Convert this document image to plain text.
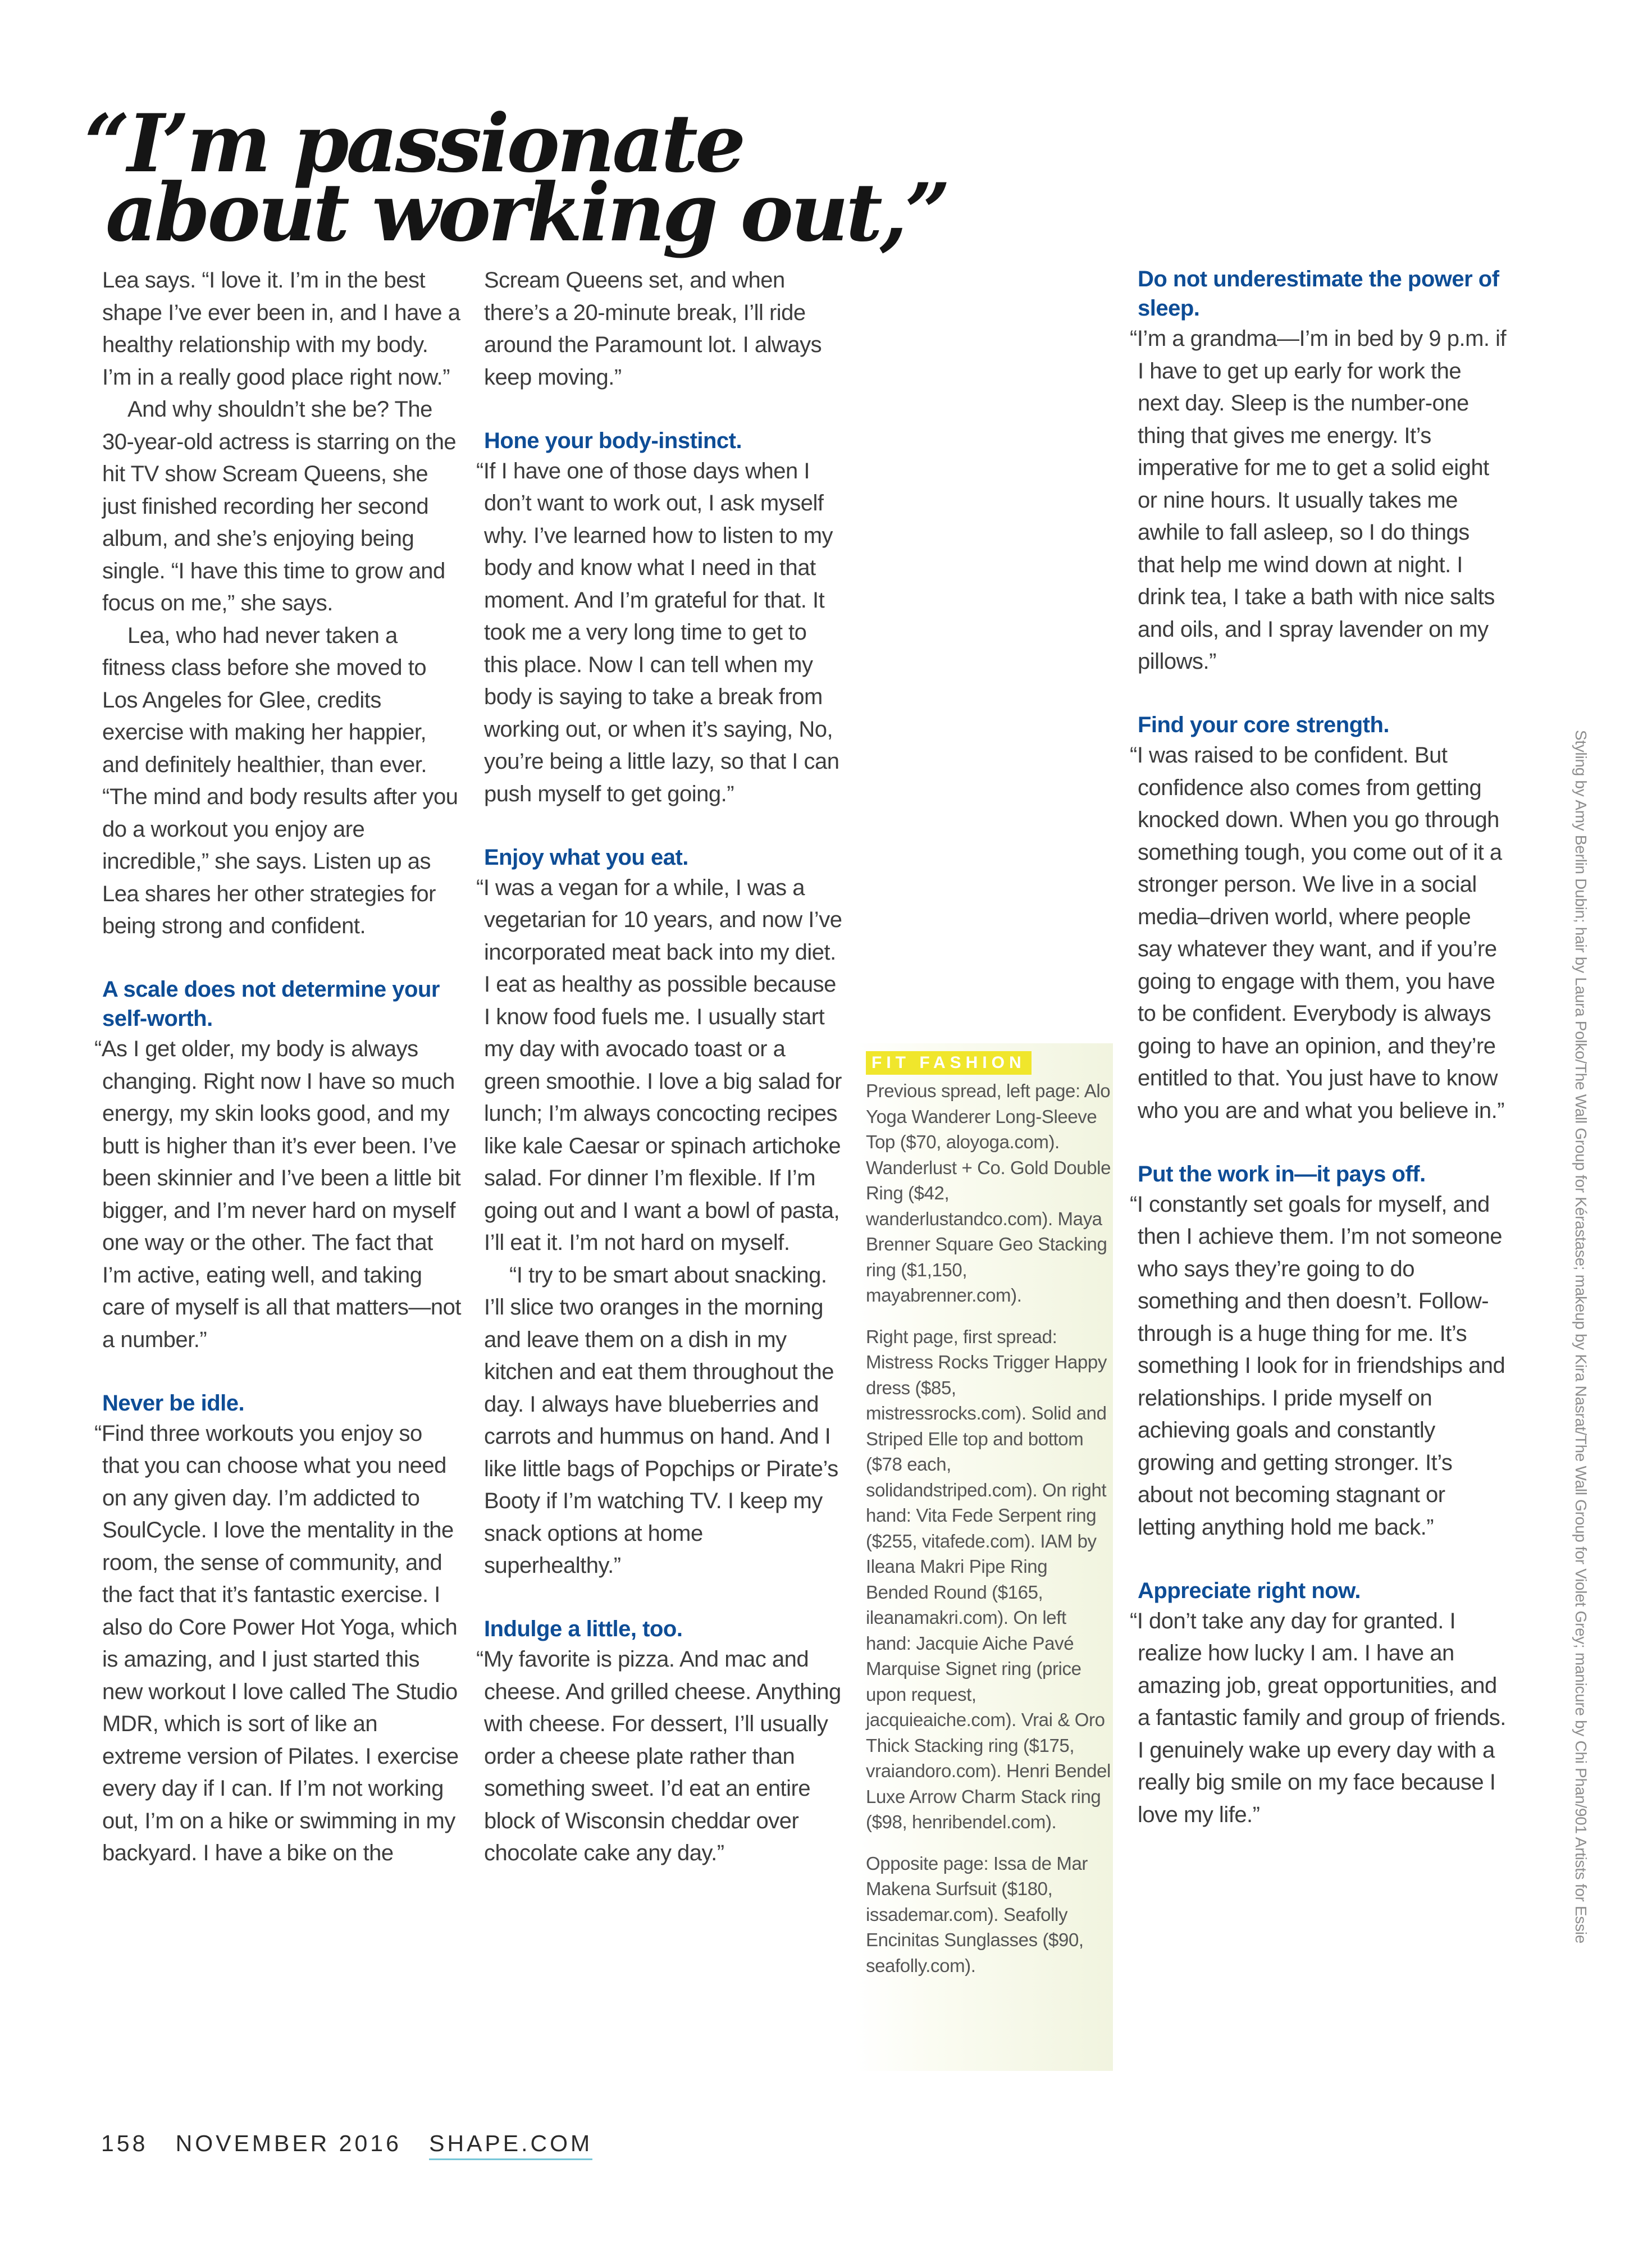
“I’m passionate
about working out,”

Lea says. “I love it. I’m in the best shape I’ve ever been in, and I have a healthy relationship with my body. I’m in a really good place right now.”

And why shouldn’t she be? The 30-year-old actress is starring on the hit TV show Scream Queens, she just finished recording her second album, and she’s enjoying being single. “I have this time to grow and focus on me,” she says.

Lea, who had never taken a fitness class before she moved to Los Angeles for Glee, credits exercise with making her happier, and definitely healthier, than ever. “The mind and body results after you do a workout you enjoy are incredible,” she says. Listen up as Lea shares her other strategies for being strong and confident.

A scale does not determine your self-worth.

“As I get older, my body is always changing. Right now I have so much energy, my skin looks good, and my butt is higher than it’s ever been. I’ve been skinnier and I’ve been a little bit bigger, and I’m never hard on myself one way or the other. The fact that I’m active, eating well, and taking care of myself is all that matters—not a number.”

Never be idle.

“Find three workouts you enjoy so that you can choose what you need on any given day. I’m addicted to SoulCycle. I love the mentality in the room, the sense of community, and the fact that it’s fantastic exercise. I also do Core Power Hot Yoga, which is amazing, and I just started this new workout I love called The Studio MDR, which is sort of like an extreme version of Pilates. I exercise every day if I can. If I’m not working out, I’m on a hike or swimming in my backyard. I have a bike on the

Scream Queens set, and when there’s a 20-minute break, I’ll ride around the Paramount lot. I always keep moving.”

Hone your body-instinct.

“If I have one of those days when I don’t want to work out, I ask myself why. I’ve learned how to listen to my body and know what I need in that moment. And I’m grateful for that. It took me a very long time to get to this place. Now I can tell when my body is saying to take a break from working out, or when it’s saying, No, you’re being a little lazy, so that I can push myself to get going.”

Enjoy what you eat.

“I was a vegan for a while, I was a vegetarian for 10 years, and now I’ve incorporated meat back into my diet. I eat as healthy as possible because I know food fuels me. I usually start my day with avocado toast or a green smoothie. I love a big salad for lunch; I’m always concocting recipes like kale Caesar or spinach artichoke salad. For dinner I’m flexible. If I’m going out and I want a bowl of pasta, I’ll eat it. I’m not hard on myself.

“I try to be smart about snacking. I’ll slice two oranges in the morning and leave them on a dish in my kitchen and eat them throughout the day. I always have blueberries and carrots and hummus on hand. And I like little bags of Popchips or Pirate’s Booty if I’m watching TV. I keep my snack options at home superhealthy.”

Indulge a little, too.

“My favorite is pizza. And mac and cheese. And grilled cheese. Anything with cheese. For dessert, I’ll usually order a cheese plate rather than something sweet. I’d eat an entire block of Wisconsin cheddar over chocolate cake any day.”

FIT FASHION

Previous spread, left page: Alo Yoga Wanderer Long-Sleeve Top ($70, aloyoga.com). Wanderlust + Co. Gold Double Ring ($42, wanderlustandco.com). Maya Brenner Square Geo Stacking ring ($1,150, mayabrenner.com).

Right page, first spread: Mistress Rocks Trigger Happy dress ($85, mistressrocks.com). Solid and Striped Elle top and bottom ($78 each, solidandstriped.com). On right hand: Vita Fede Serpent ring ($255, vitafede.com). IAM by Ileana Makri Pipe Ring Bended Round ($165, ileanamakri.com). On left hand: Jacquie Aiche Pavé Marquise Signet ring (price upon request, jacquieaiche.com). Vrai & Oro Thick Stacking ring ($175, vraiandoro.com). Henri Bendel Luxe Arrow Charm Stack ring ($98, henribendel.com).

Opposite page: Issa de Mar Makena Surfsuit ($180, issademar.com). Seafolly Encinitas Sunglasses ($90, seafolly.com).

Do not underestimate the power of sleep.

“I’m a grandma—I’m in bed by 9 p.m. if I have to get up early for work the next day. Sleep is the number-one thing that gives me energy. It’s imperative for me to get a solid eight or nine hours. It usually takes me awhile to fall asleep, so I do things that help me wind down at night. I drink tea, I take a bath with nice salts and oils, and I spray lavender on my pillows.”

Find your core strength.

“I was raised to be confident. But confidence also comes from getting knocked down. When you go through something tough, you come out of it a stronger person. We live in a social media–driven world, where people say whatever they want, and if you’re going to engage with them, you have to be confident. Everybody is always going to have an opinion, and they’re entitled to that. You just have to know who you are and what you believe in.”

Put the work in—it pays off.

“I constantly set goals for myself, and then I achieve them. I’m not someone who says they’re going to do something and then doesn’t. Follow-through is a huge thing for me. It’s something I look for in friendships and relationships. I pride myself on achieving goals and constantly growing and getting stronger. It’s about not becoming stagnant or letting anything hold me back.”

Appreciate right now.

“I don’t take any day for granted. I realize how lucky I am. I have an amazing job, great opportunities, and a fantastic family and group of friends. I genuinely wake up every day with a really big smile on my face because I love my life.”	Styling by Amy Berlin Dubin; hair by Laura Polko/The Wall Group for Kérastase; makeup by Kira Nasrat/The Wall Group for Violet Grey; manicure by Chi Phan/901 Artists for Essie
158 NOVEMBER 2016 SHAPE.COM
